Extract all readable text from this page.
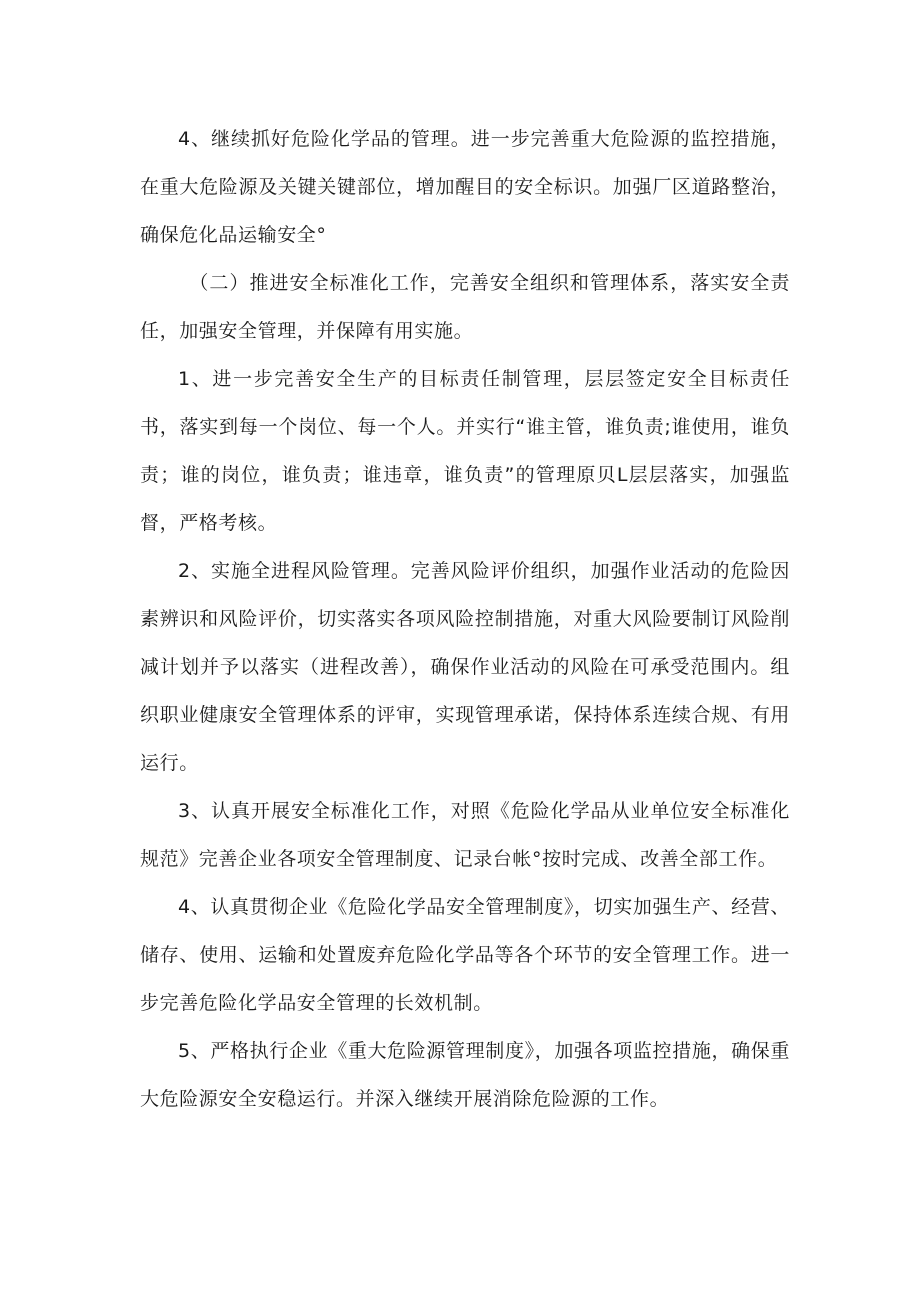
4、继续抓好危险化学品的管理。进一步完善重大危险源的监控措施，在重大危险源及关键关键部位，增加醒目的安全标识。加强厂区道路整治，确保危化品运输安全°

（二）推进安全标准化工作，完善安全组织和管理体系，落实安全责任，加强安全管理，并保障有用实施。

1、进一步完善安全生产的目标责任制管理，层层签定安全目标责任书，落实到每一个岗位、每一个人。并实行“谁主管，谁负责;谁使用，谁负责；谁的岗位，谁负责；谁违章，谁负责”的管理原贝L层层落实，加强监督，严格考核。

2、实施全进程风险管理。完善风险评价组织，加强作业活动的危险因素辨识和风险评价，切实落实各项风险控制措施，对重大风险要制订风险削减计划并予以落实（进程改善），确保作业活动的风险在可承受范围内。组织职业健康安全管理体系的评审，实现管理承诺，保持体系连续合规、有用运行。

3、认真开展安全标准化工作，对照《危险化学品从业单位安全标准化规范》完善企业各项安全管理制度、记录台帐°按时完成、改善全部工作。

4、认真贯彻企业《危险化学品安全管理制度》，切实加强生产、经营、储存、使用、运输和处置废弃危险化学品等各个环节的安全管理工作。进一步完善危险化学品安全管理的长效机制。

5、严格执行企业《重大危险源管理制度》，加强各项监控措施，确保重大危险源安全安稳运行。并深入继续开展消除危险源的工作。
